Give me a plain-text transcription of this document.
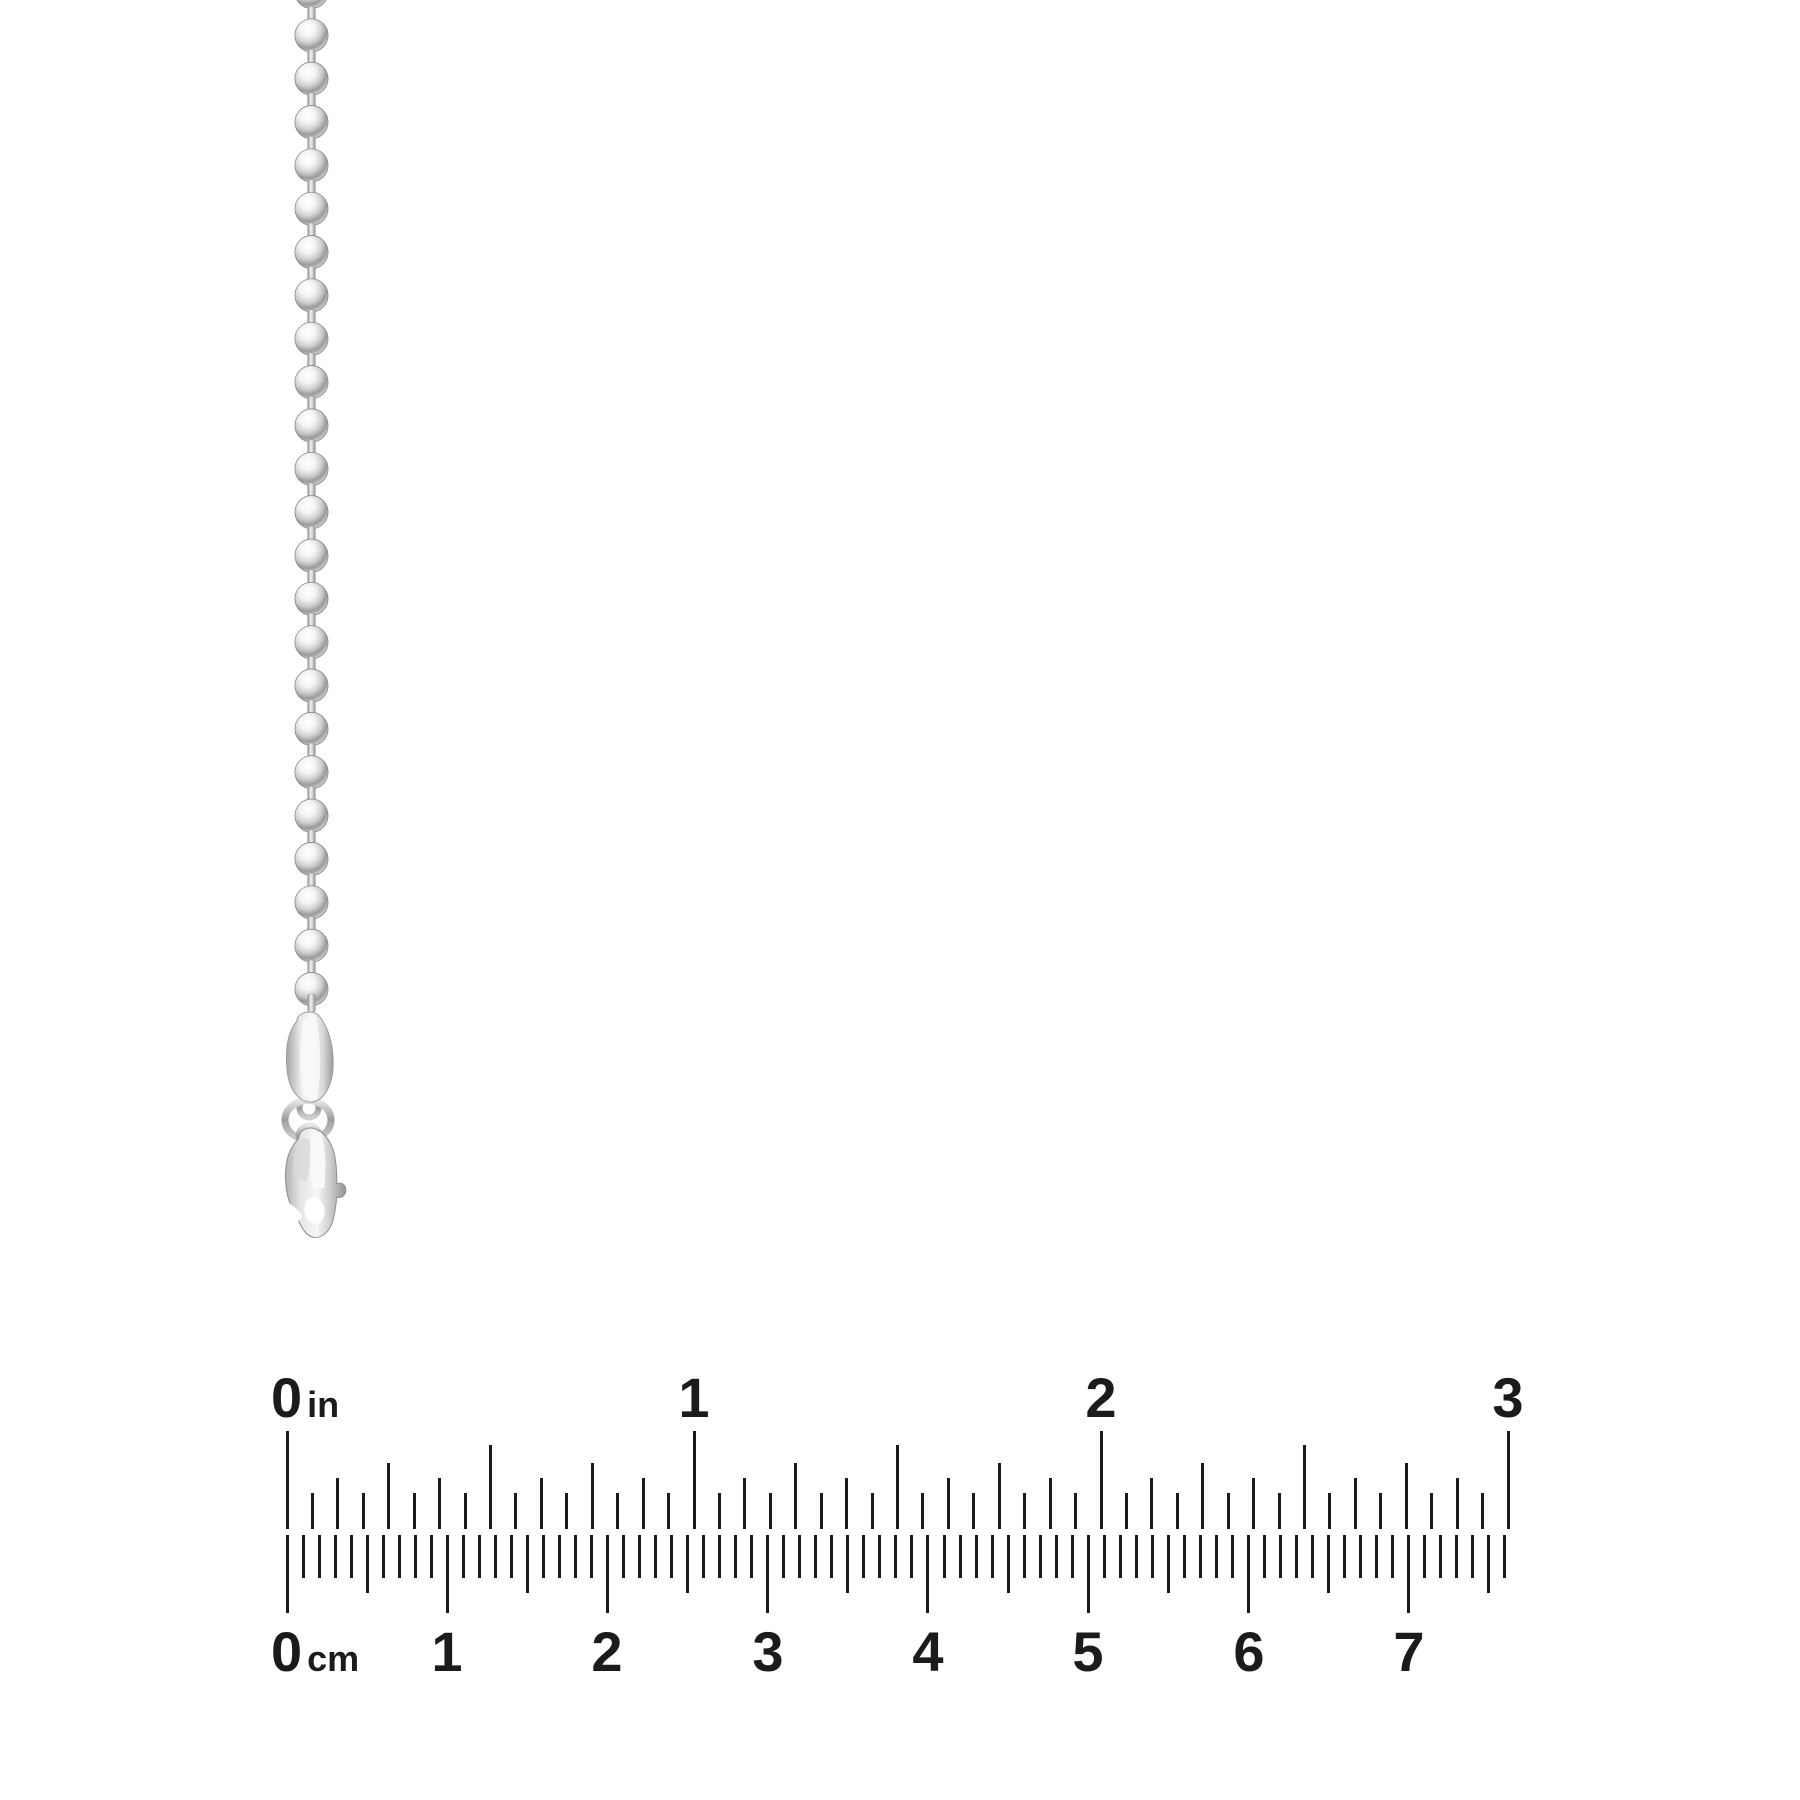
0 in	1	2	3
0 cm 1 2 3 4 5 6 7
